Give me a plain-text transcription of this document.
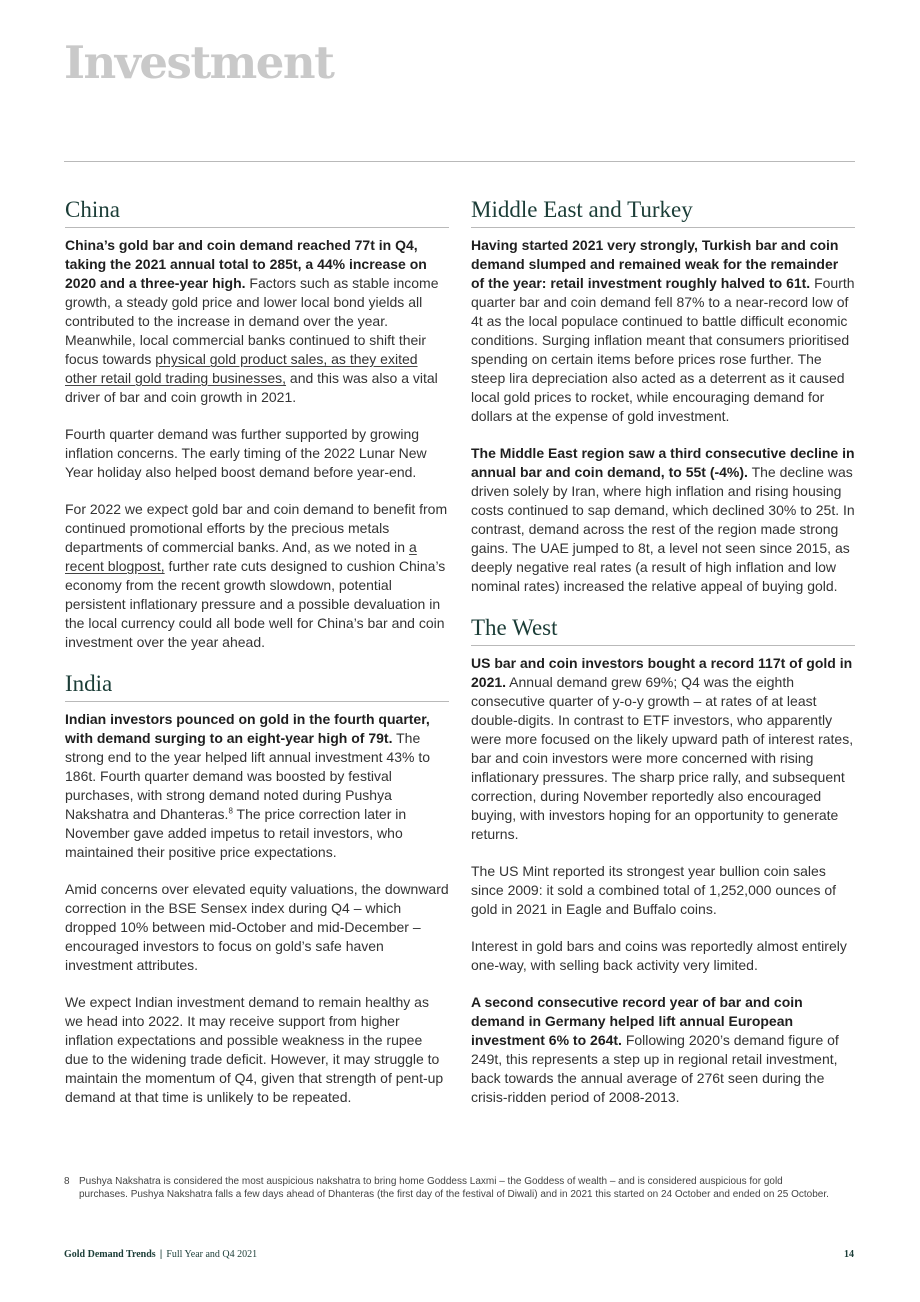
Investment
China

China’s gold bar and coin demand reached 77t in Q4, taking the 2021 annual total to 285t, a 44% increase on 2020 and a three-year high. Factors such as stable income growth, a steady gold price and lower local bond yields all contributed to the increase in demand over the year. Meanwhile, local commercial banks continued to shift their focus towards physical gold product sales, as they exited other retail gold trading businesses, and this was also a vital driver of bar and coin growth in 2021.

Fourth quarter demand was further supported by growing inflation concerns. The early timing of the 2022 Lunar New Year holiday also helped boost demand before year-end.

For 2022 we expect gold bar and coin demand to benefit from continued promotional efforts by the precious metals departments of commercial banks. And, as we noted in a recent blogpost, further rate cuts designed to cushion China’s economy from the recent growth slowdown, potential persistent inflationary pressure and a possible devaluation in the local currency could all bode well for China’s bar and coin investment over the year ahead.

India

Indian investors pounced on gold in the fourth quarter, with demand surging to an eight-year high of 79t. The strong end to the year helped lift annual investment 43% to 186t. Fourth quarter demand was boosted by festival purchases, with strong demand noted during Pushya Nakshatra and Dhanteras.$^8$ The price correction later in November gave added impetus to retail investors, who maintained their positive price expectations.

Amid concerns over elevated equity valuations, the downward correction in the BSE Sensex index during Q4 – which dropped 10% between mid-October and mid-December – encouraged investors to focus on gold’s safe haven investment attributes.

We expect Indian investment demand to remain healthy as we head into 2022. It may receive support from higher inflation expectations and possible weakness in the rupee due to the widening trade deficit. However, it may struggle to maintain the momentum of Q4, given that strength of pent-up demand at that time is unlikely to be repeated.

Middle East and Turkey

Having started 2021 very strongly, Turkish bar and coin demand slumped and remained weak for the remainder of the year: retail investment roughly halved to 61t. Fourth quarter bar and coin demand fell 87% to a near-record low of 4t as the local populace continued to battle difficult economic conditions. Surging inflation meant that consumers prioritised spending on certain items before prices rose further. The steep lira depreciation also acted as a deterrent as it caused local gold prices to rocket, while encouraging demand for dollars at the expense of gold investment.

The Middle East region saw a third consecutive decline in annual bar and coin demand, to 55t (-4%). The decline was driven solely by Iran, where high inflation and rising housing costs continued to sap demand, which declined 30% to 25t. In contrast, demand across the rest of the region made strong gains. The UAE jumped to 8t, a level not seen since 2015, as deeply negative real rates (a result of high inflation and low nominal rates) increased the relative appeal of buying gold.

The West

US bar and coin investors bought a record 117t of gold in 2021. Annual demand grew 69%; Q4 was the eighth consecutive quarter of y-o-y growth – at rates of at least double-digits. In contrast to ETF investors, who apparently were more focused on the likely upward path of interest rates, bar and coin investors were more concerned with rising inflationary pressures. The sharp price rally, and subsequent correction, during November reportedly also encouraged buying, with investors hoping for an opportunity to generate returns.

The US Mint reported its strongest year bullion coin sales since 2009: it sold a combined total of 1,252,000 ounces of gold in 2021 in Eagle and Buffalo coins.

Interest in gold bars and coins was reportedly almost entirely one-way, with selling back activity very limited.

A second consecutive record year of bar and coin demand in Germany helped lift annual European investment 6% to 264t. Following 2020’s demand figure of 249t, this represents a step up in regional retail investment, back towards the annual average of 276t seen during the crisis-ridden period of 2008-2013.

8 Pushya Nakshatra is considered the most auspicious nakshatra to bring home Goddess Laxmi – the Goddess of wealth – and is considered auspicious for gold purchases. Pushya Nakshatra falls a few days ahead of Dhanteras (the first day of the festival of Diwali) and in 2021 this started on 24 October and ended on 25 October.
Gold Demand Trends | Full Year and Q4 2021	14
